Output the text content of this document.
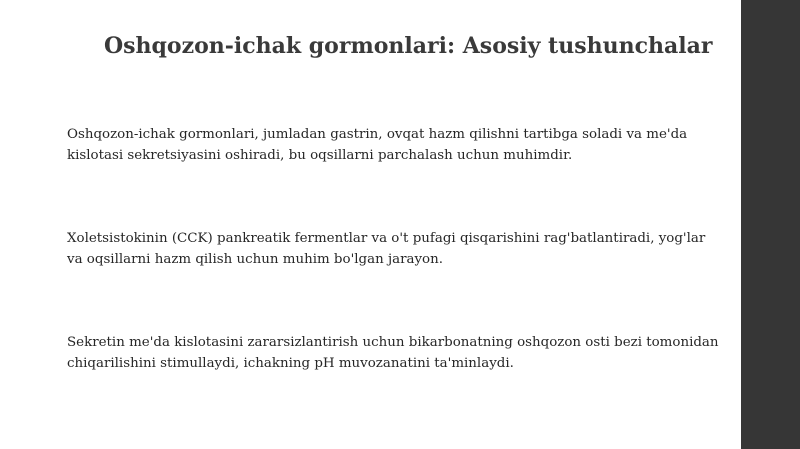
Oshqozon-ichak gormonlari: Asosiy tushunchalar
Oshqozon-ichak gormonlari, jumladan gastrin, ovqat hazm qilishni tartibga soladi va me'da
kislotasi sekretsiyasini oshiradi, bu oqsillarni parchalash uchun muhimdir.
Xoletsistokinin (CCK) pankreatik fermentlar va o't pufagi qisqarishini rag'batlantiradi, yog'lar
va oqsillarni hazm qilish uchun muhim bo'lgan jarayon.
Sekretin me'da kislotasini zararsizlantirish uchun bikarbonatning oshqozon osti bezi tomonidan
chiqarilishini stimullaydi, ichakning pH muvozanatini ta'minlaydi.
